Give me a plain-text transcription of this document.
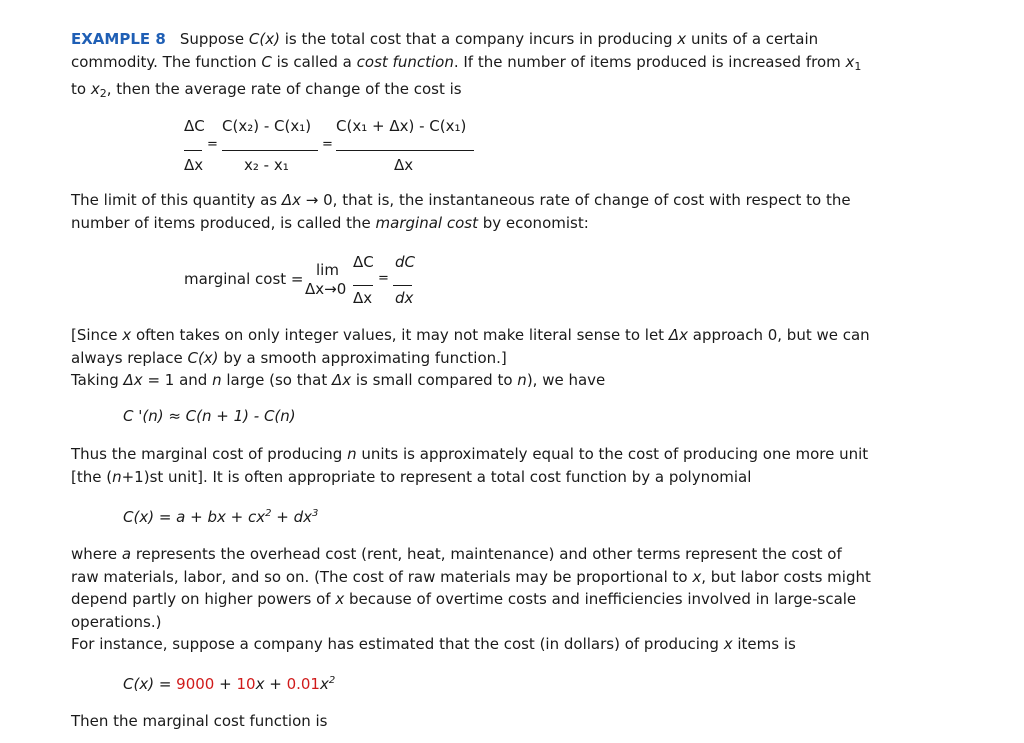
EXAMPLE 8 Suppose C(x) is the total cost that a company incurs in producing x units of a certain commodity. The function C is called a cost function. If the number of items produced is increased from $x_1$ to $x_2$, then the average rate of change of the cost is
ΔC
=
Δx
C(x₂) - C(x₁)
x₂ - x₁
=
C(x₁ + Δx) - C(x₁)
Δx
The limit of this quantity as Δx → 0, that is, the instantaneous rate of change of cost with respect to the number of items produced, is called the marginal cost by economist:
marginal cost = lim
Δx→0
ΔC
Δx
=
dC
dx
[Since x often takes on only integer values, it may not make literal sense to let Δx approach 0, but we can always replace C(x) by a smooth approximating function.]
Taking Δx = 1 and n large (so that Δx is small compared to n), we have
C '(n) ≈ C(n + 1) - C(n)
Thus the marginal cost of producing n units is approximately equal to the cost of producing one more unit [the (n+1)st unit]. It is often appropriate to represent a total cost function by a polynomial
C(x) = a + bx + $cx^2 + dx^3$
where a represents the overhead cost (rent, heat, maintenance) and other terms represent the cost of raw materials, labor, and so on. (The cost of raw materials may be proportional to x, but labor costs might depend partly on higher powers of x because of overtime costs and inefficiencies involved in large-scale operations.)
For instance, suppose a company has estimated that the cost (in dollars) of producing x items is
$C(x) = 9000 + 10x + 0.01x^2$
Then the marginal cost function is
